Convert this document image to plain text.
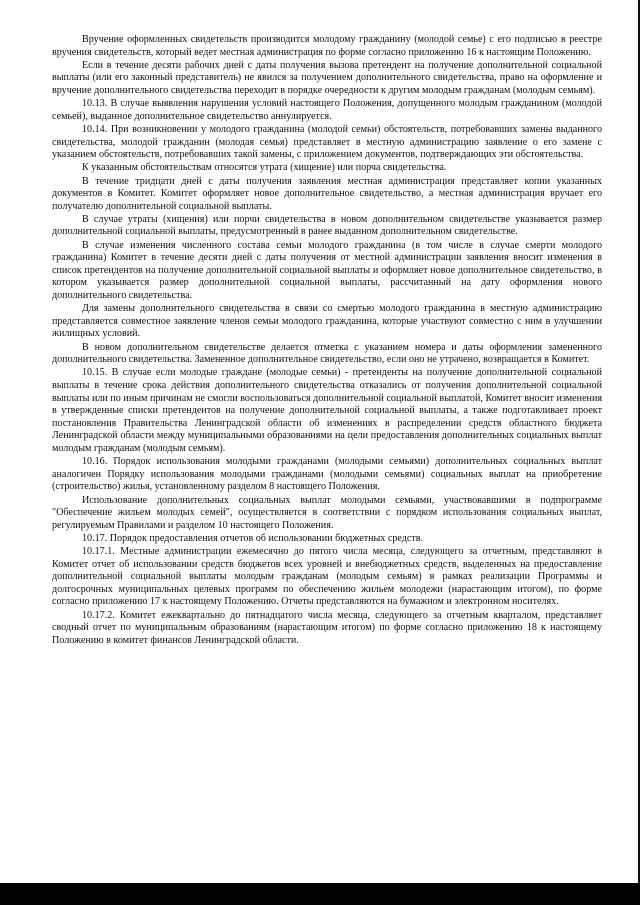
Вручение оформленных свидетельств производится молодому гражданину (молодой семье) с его подписью в реестре вручения свидетельств, который ведет местная администрация по форме согласно приложению 16 к настоящим Положению.

Если в течение десяти рабочих дней с даты получения вызова претендент на получение дополнительной социальной выплаты (или его законный представитель) не явился за получением дополнительного свидетельства, право на оформление и вручение дополнительного свидетельства переходит в порядке очередности к другим молодым гражданам (молодым семьям).

10.13. В случае выявления нарушения условий настоящего Положения, допущенного молодым гражданином (молодой семьей), выданное дополнительное свидетельство аннулируется.

10.14. При возникновении у молодого гражданина (молодой семьи) обстоятельств, потребовавших замены выданного свидетельства, молодой гражданин (молодая семья) представляет в местную администрацию заявление о его замене с указанием обстоятельств, потребовавших такой замены, с приложением документов, подтверждающих эти обстоятельства.

К указанным обстоятельствам относятся утрата (хищение) или порча свидетельства.

В течение тридцати дней с даты получения заявления местная администрация представляет копии указанных документов в Комитет. Комитет оформляет новое дополнительное свидетельство, а местная администрация вручает его получателю дополнительной социальной выплаты.

В случае утраты (хищения) или порчи свидетельства в новом дополнительном свидетельстве указывается размер дополнительной социальной выплаты, предусмотренный в ранее выданном дополнительном свидетельстве.

В случае изменения численного состава семьи молодого гражданина (в том числе в случае смерти молодого гражданина) Комитет в течение десяти дней с даты получения от местной администрации заявления вносит изменения в список претендентов на получение дополнительной социальной выплаты и оформляет новое дополнительное свидетельство, в котором указывается размер дополнительной социальной выплаты, рассчитанный на дату оформления нового дополнительного свидетельства.

Для замены дополнительного свидетельства в связи со смертью молодого гражданина в местную администрацию представляется совместное заявление членов семьи молодого гражданина, которые участвуют совместно с ним в улучшении жилищных условий.

В новом дополнительном свидетельстве делается отметка с указанием номера и даты оформления замененного дополнительного свидетельства. Замененное дополнительное свидетельство, если оно не утрачено, возвращается в Комитет.

10.15. В случае если молодые граждане (молодые семьи) - претенденты на получение дополнительной социальной выплаты в течение срока действия дополнительного свидетельства отказались от получения дополнительной социальной выплаты или по иным причинам не смогли воспользоваться дополнительной социальной выплатой, Комитет вносит изменения в утвержденные списки претендентов на получение дополнительной социальной выплаты, а также подготавливает проект постановления Правительства Ленинградской области об изменениях в распределении средств областного бюджета Ленинградской области между муниципальными образованиями на цели предоставления дополнительных социальных выплат молодым гражданам (молодым семьям).

10.16. Порядок использования молодыми гражданами (молодыми семьями) дополнительных социальных выплат аналогичен Порядку использования молодыми гражданами (молодыми семьями) социальных выплат на приобретение (строительство) жилья, установленному разделом 8 настоящего Положения.

Использование дополнительных социальных выплат молодыми семьями, участвовавшими в подпрограмме "Обеспечение жильем молодых семей", осуществляется в соответствии с порядком использования социальных выплат, регулируемым Правилами и разделом 10 настоящего Положения.

10.17. Порядок предоставления отчетов об использовании бюджетных средств.

10.17.1. Местные администрации ежемесячно до пятого числа месяца, следующего за отчетным, представляют в Комитет отчет об использовании средств бюджетов всех уровней и внебюджетных средств, выделенных на предоставление дополнительной социальной выплаты молодым гражданам (молодым семьям) в рамках реализации Программы и долгосрочных муниципальных целевых программ по обеспечению жильем молодежи (нарастающим итогом), по форме согласно приложению 17 к настоящему Положению. Отчеты представляются на бумажном и электронном носителях.

10.17.2. Комитет ежеквартально до пятнадцатого числа месяца, следующего за отчетным кварталом, представляет сводный отчет по муниципальным образованиям (нарастающим итогом) по форме согласно приложению 18 к настоящему Положению в комитет финансов Ленинградской области.
